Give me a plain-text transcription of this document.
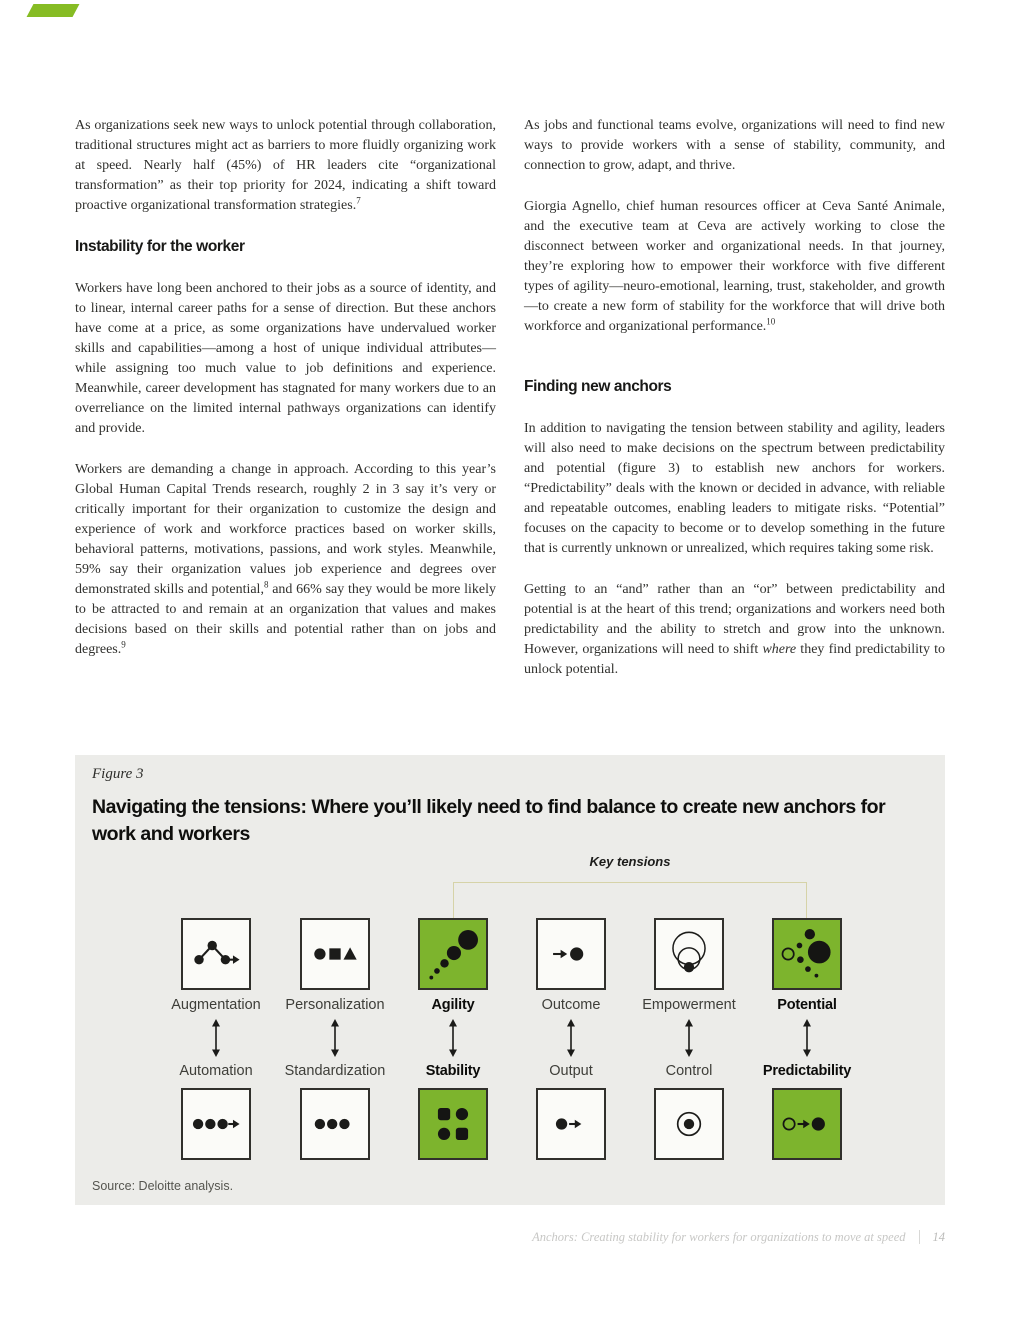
As organizations seek new ways to unlock potential through collaboration, traditional structures might act as barriers to more fluidly organizing work at speed. Nearly half (45%) of HR leaders cite “organizational transformation” as their top priority for 2024, indicating a shift toward proactive organizational transformation strategies.$^7$

Instability for the worker

Workers have long been anchored to their jobs as a source of identity, and to linear, internal career paths for a sense of direction. But these anchors have come at a price, as some organizations have undervalued worker skills and capabilities—among a host of unique individual attributes—while assigning too much value to job definitions and experience. Meanwhile, career development has stagnated for many workers due to an overreliance on the limited internal pathways organizations can identify and provide.

Workers are demanding a change in approach. According to this year’s Global Human Capital Trends research, roughly 2 in 3 say it’s very or critically important for their organization to customize the design and experience of work and workforce practices based on worker skills, behavioral patterns, motivations, passions, and work styles. Meanwhile, 59% say their organization values job experience and degrees over demonstrated skills and potential,$^8$ and 66% say they would be more likely to be attracted to and remain at an organization that values and makes decisions based on their skills and potential rather than on jobs and degrees.$^9$

As jobs and functional teams evolve, organizations will need to find new ways to provide workers with a sense of stability, community, and connection to grow, adapt, and thrive.

Giorgia Agnello, chief human resources officer at Ceva Santé Animale, and the executive team at Ceva are actively working to close the disconnect between worker and organizational needs. In that journey, they’re exploring how to empower their workforce with five different types of agility—neuro-emotional, learning, trust, stakeholder, and growth—to create a new form of stability for the workforce that will drive both workforce and organizational performance.$^{10}$

Finding new anchors

In addition to navigating the tension between stability and agility, leaders will also need to make decisions on the spectrum between predictability and potential (figure 3) to establish new anchors for workers. “Predictability” deals with the known or decided in advance, with reliable and repeatable outcomes, enabling leaders to mitigate risks. “Potential” focuses on the capacity to become or to develop something in the future that is currently unknown or unrealized, which requires taking some risk.

Getting to an “and” rather than an “or” between predictability and potential is at the heart of this trend; organizations and workers need both predictability and the ability to stretch and grow into the unknown. However, organizations will need to shift where they find predictability to unlock potential.

Figure 3
Navigating the tensions: Where you’ll likely need to find balance to create new anchors for work and workers
Key tensions
Augmentation
Automation
Personalization
Standardization
Agility
Stability
Outcome
Output
Empowerment
Control
Potential
Predictability
Source: Deloitte analysis.
Anchors: Creating stability for workers for organizations to move at speed 14
